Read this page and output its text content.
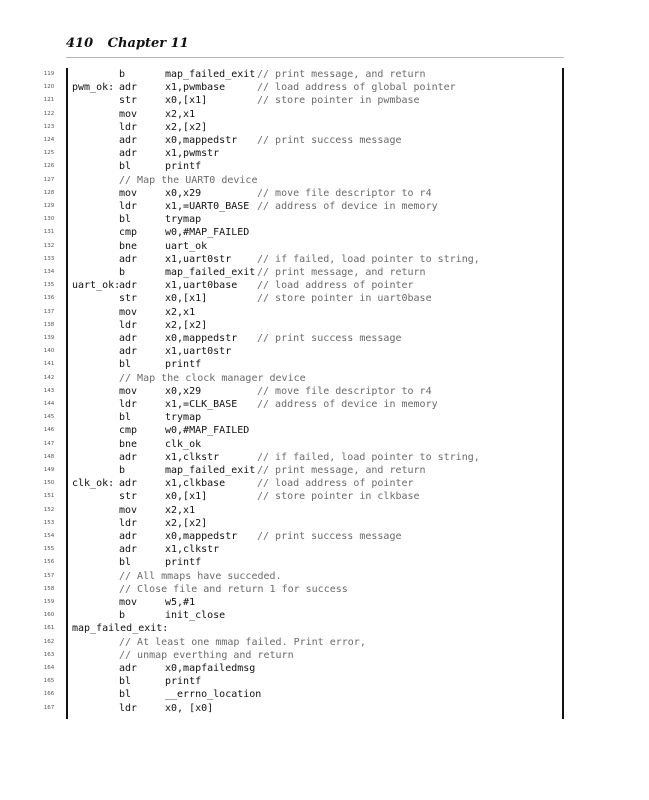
410 Chapter 11
119	b	map_failed_exit // print message, and return
120	pwm_ok: adr	x1,pwmbase	// load address of global pointer
121	str	x0,[x1]	// store pointer in pwmbase
122	mov	x2,x1
123	ldr	x2,[x2]
124	adr	x0,mappedstr // print success message
125	adr	x1,pwmstr
126	bl	printf
127	// Map the UART0 device
128	mov	x0,x29	// move file descriptor to r4
129	ldr	x1,=UART0_BASE // address of device in memory
130	bl	trymap
131	cmp	w0,#MAP_FAILED
132	bne	uart_ok
133	adr	x1,uart0str	// if failed, load pointer to string,
134	b	map_failed_exit // print message, and return
135	uart_ok:
adr	x1,uart0base // load address of pointer
136	str	x0,[x1]	// store pointer in uart0base
137	mov	x2,x1
138	ldr	x2,[x2]
139	adr	x0,mappedstr // print success message
140	adr	x1,uart0str
141	bl	printf
142	// Map the clock manager device
143	mov	x0,x29	// move file descriptor to r4
144	ldr	x1,=CLK_BASE // address of device in memory
145	bl	trymap
146	cmp	w0,#MAP_FAILED
147	bne	clk_ok
148	adr	x1,clkstr	// if failed, load pointer to string,
149	b	map_failed_exit // print message, and return
150	clk_ok: adr	x1,clkbase	// load address of pointer
151	str	x0,[x1]	// store pointer in clkbase
152	mov	x2,x1
153	ldr	x2,[x2]
154	adr	x0,mappedstr // print success message
155	adr	x1,clkstr
156	bl	printf
157	// All mmaps have succeded.
158	// Close file and return 1 for success
159	mov	w5,#1
160	b	init_close
161	map_failed_exit:
162	// At least one mmap failed. Print error,
163	// unmap everthing and return
164	adr	x0,mapfailedmsg
165	bl	printf
166	bl	__errno_location
167	ldr	x0, [x0]
